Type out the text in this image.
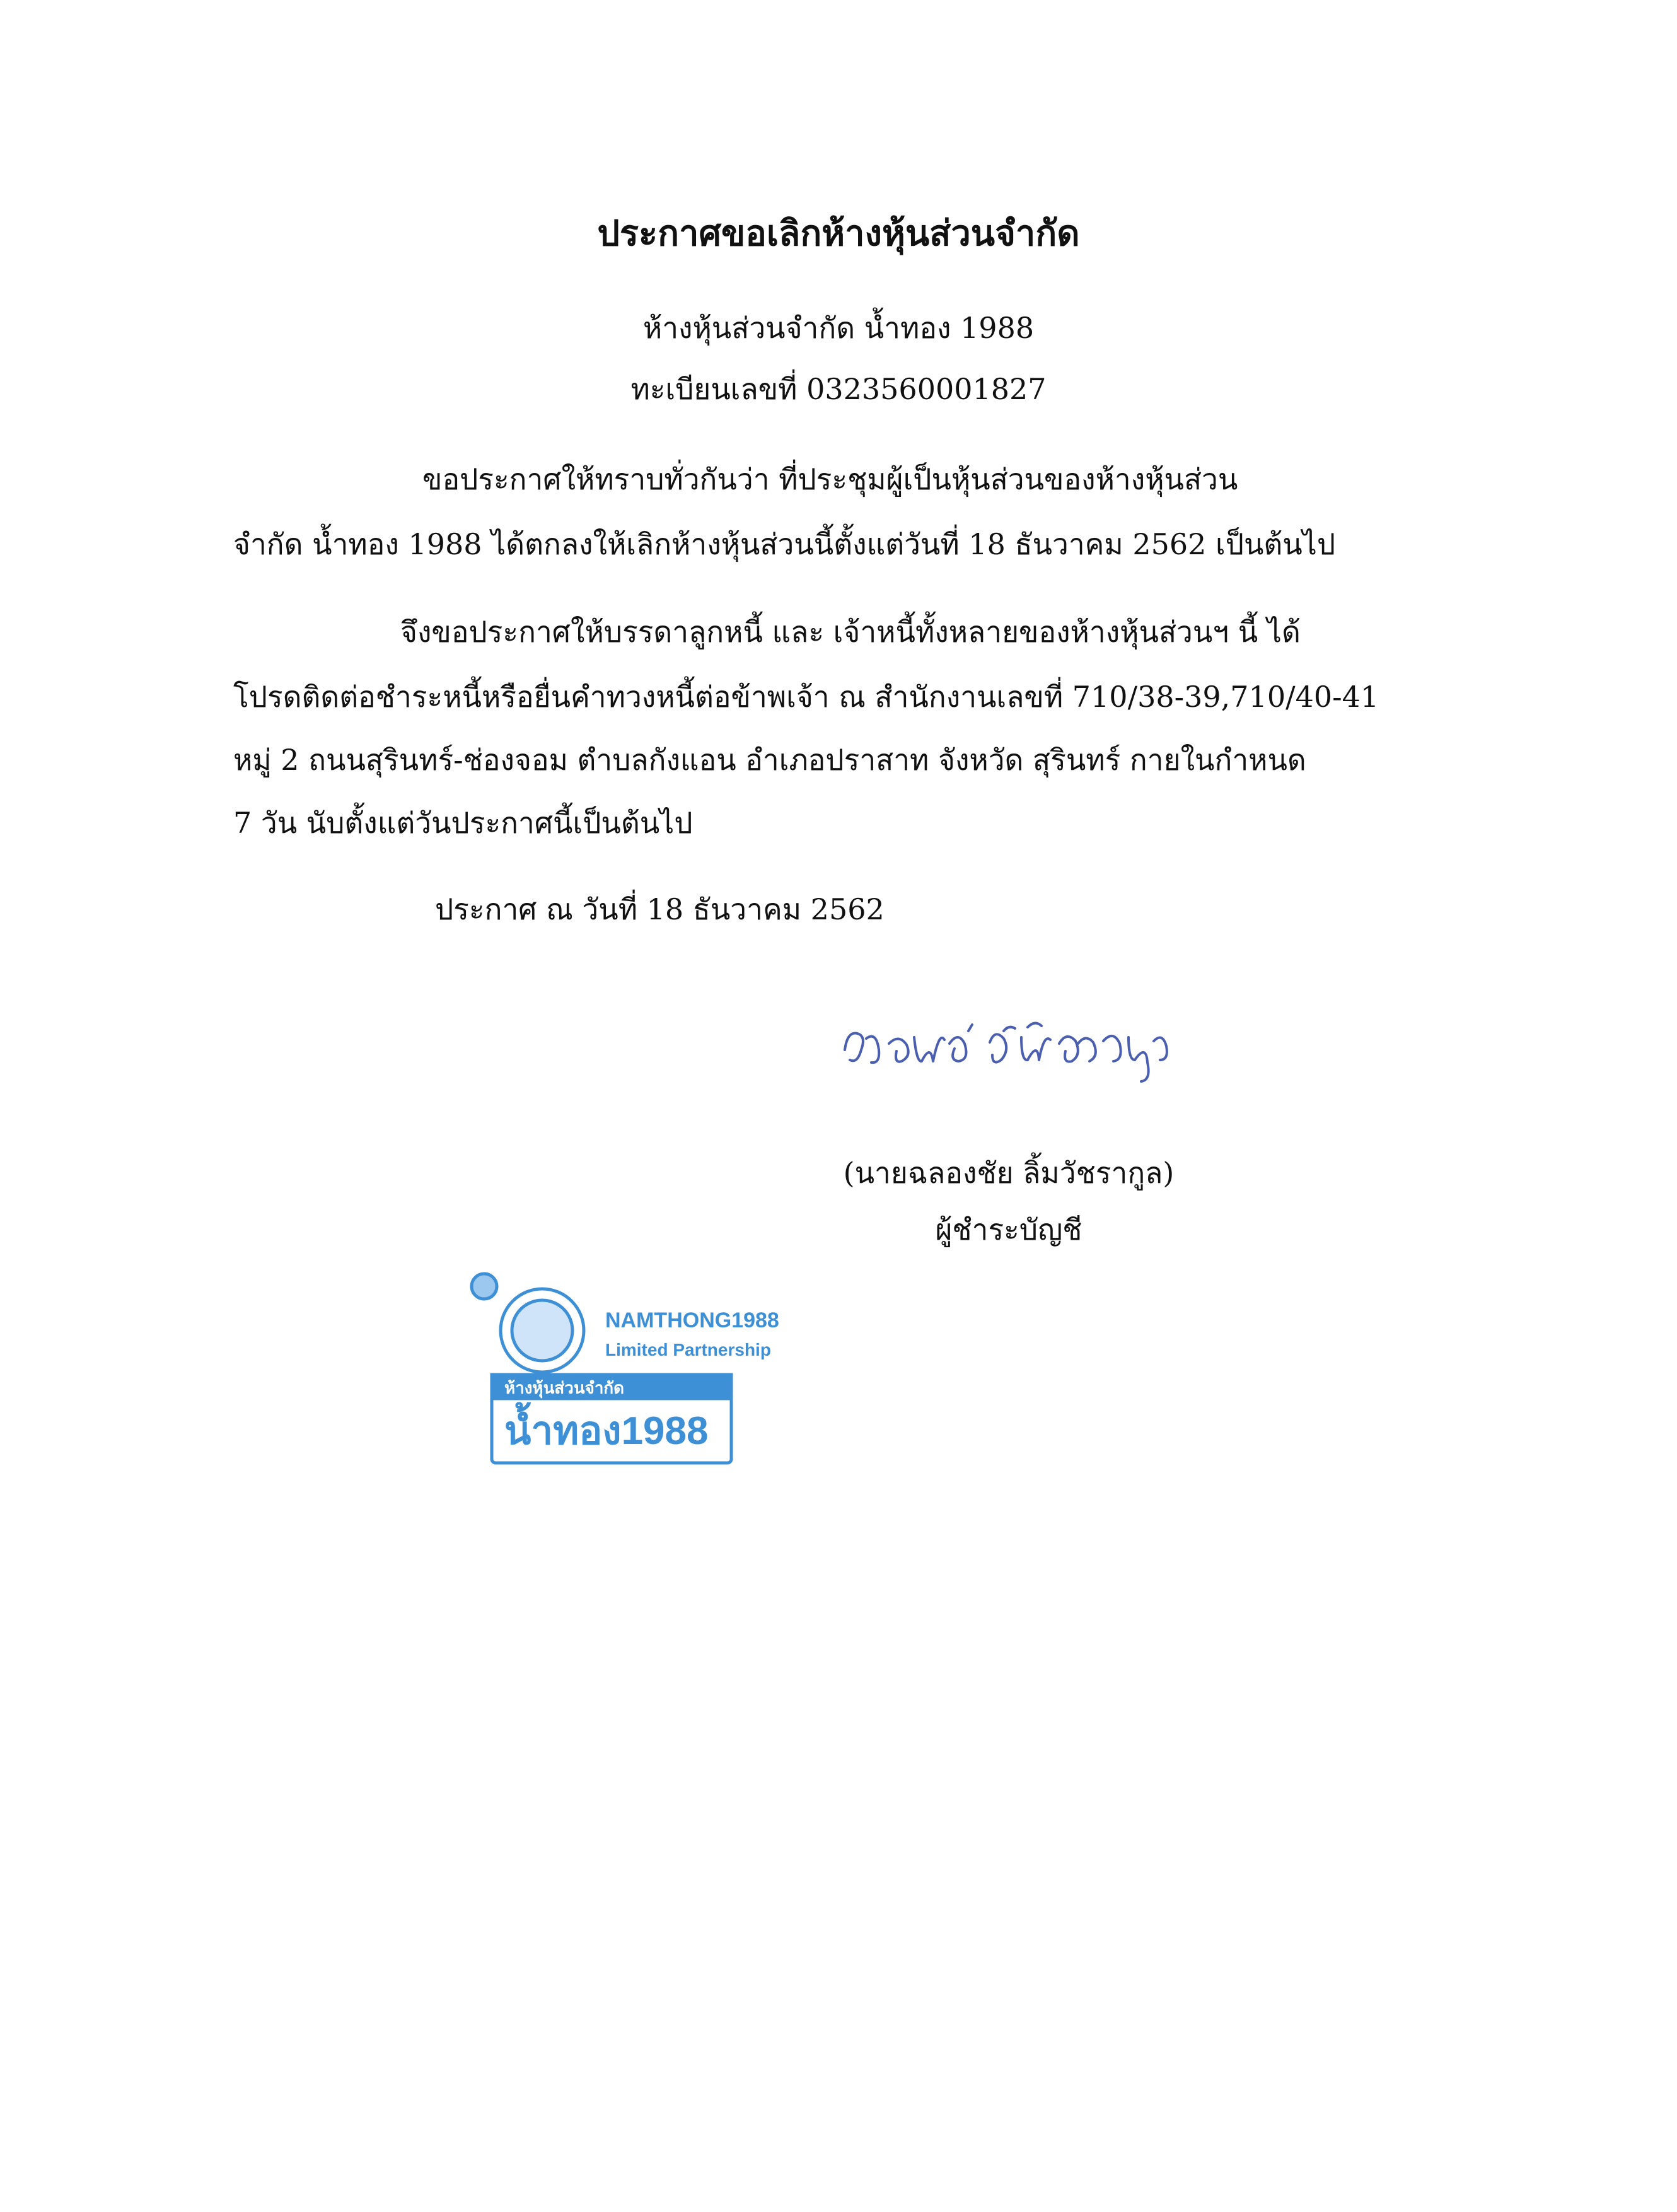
ประกาศขอเลิกห้างหุ้นส่วนจำกัด
ห้างหุ้นส่วนจำกัด น้ำทอง 1988
ทะเบียนเลขที่ 0323560001827
ขอประกาศให้ทราบทั่วกันว่า ที่ประชุมผู้เป็นหุ้นส่วนของห้างหุ้นส่วน
จำกัด น้ำทอง 1988 ได้ตกลงให้เลิกห้างหุ้นส่วนนี้ตั้งแต่วันที่ 18 ธันวาคม 2562 เป็นต้นไป
จึงขอประกาศให้บรรดาลูกหนี้ และ เจ้าหนี้ทั้งหลายของห้างหุ้นส่วนฯ นี้ ได้
โปรดติดต่อชำระหนี้หรือยื่นคำทวงหนี้ต่อข้าพเจ้า ณ สำนักงานเลขที่ 710/38-39,710/40-41
หมู่ 2 ถนนสุรินทร์-ช่องจอม ตำบลกังแอน อำเภอปราสาท จังหวัด สุรินทร์ กายในกำหนด
7 วัน นับตั้งแต่วันประกาศนี้เป็นต้นไป
ประกาศ ณ วันที่ 18 ธันวาคม 2562
(นายฉลองชัย ลิ้มวัชรากูล)
ผู้ชำระบัญชี
NAMTHONG1988
Limited Partnership
ห้างหุ้นส่วนจำกัด
น้ำทอง1988
